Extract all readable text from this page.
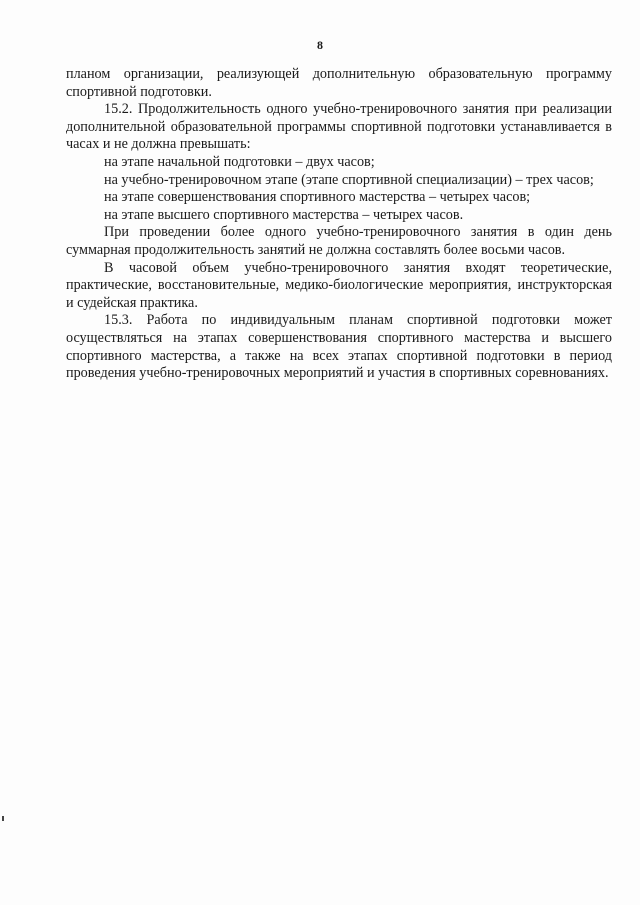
8

планом организации, реализующей дополнительную образовательную программу спортивной подготовки.

15.2. Продолжительность одного учебно-тренировочного занятия при реализации дополнительной образовательной программы спортивной подготовки устанавливается в часах и не должна превышать:

на этапе начальной подготовки – двух часов;

на учебно-тренировочном этапе (этапе спортивной специализации) – трех часов;

на этапе совершенствования спортивного мастерства – четырех часов;

на этапе высшего спортивного мастерства – четырех часов.

При проведении более одного учебно-тренировочного занятия в один день суммарная продолжительность занятий не должна составлять более восьми часов.

В часовой объем учебно-тренировочного занятия входят теоретические, практические, восстановительные, медико-биологические мероприятия, инструкторская и судейская практика.

15.3. Работа по индивидуальным планам спортивной подготовки может осуществляться на этапах совершенствования спортивного мастерства и высшего спортивного мастерства, а также на всех этапах спортивной подготовки в период проведения учебно-тренировочных мероприятий и участия в спортивных соревнованиях.
